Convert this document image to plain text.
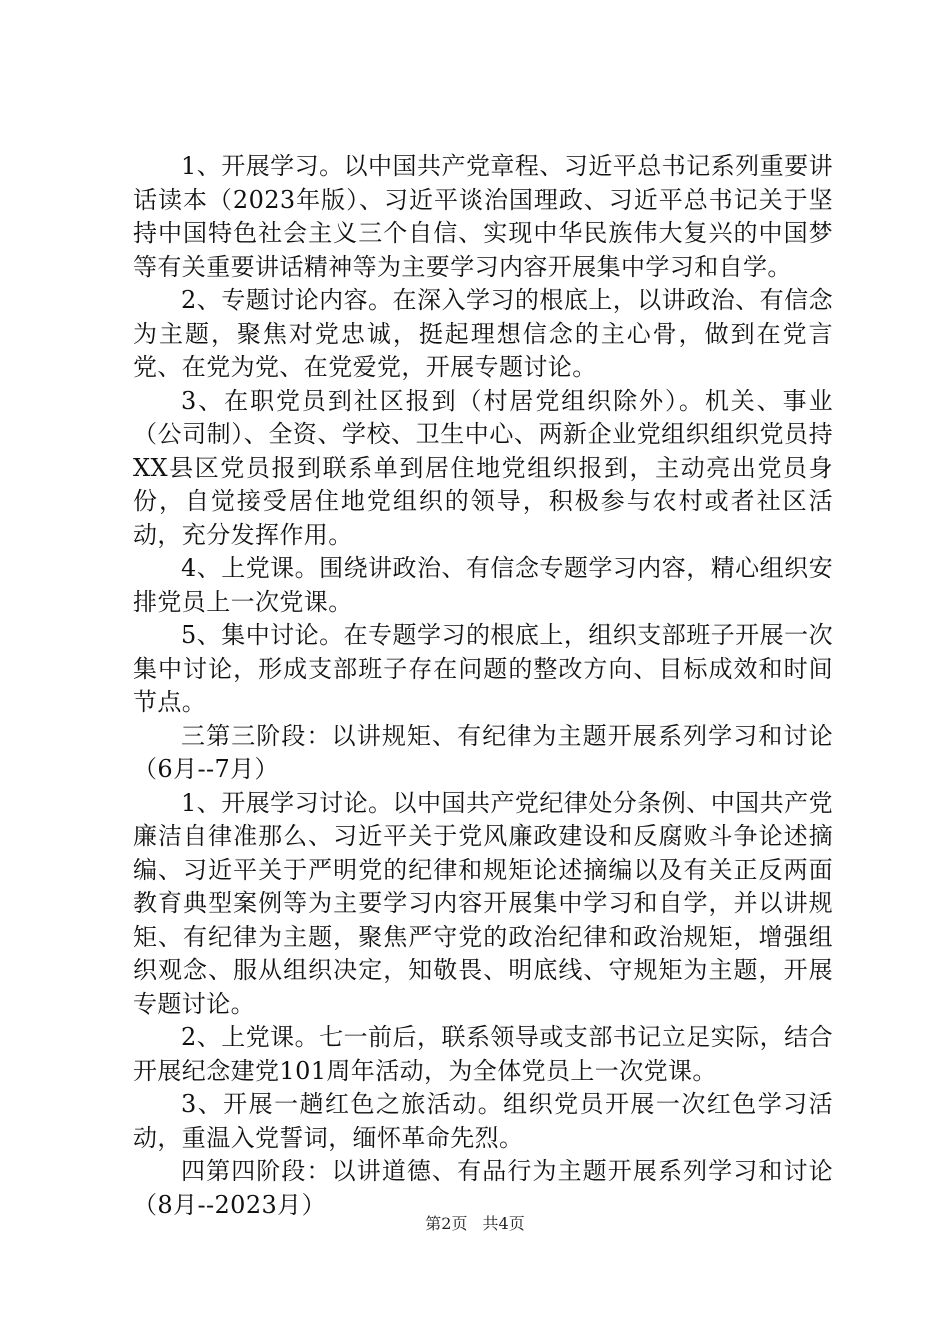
1、开展学习。以中国共产党章程、习近平总书记系列重要讲话读本（2023年版）、习近平谈治国理政、习近平总书记关于坚持中国特色社会主义三个自信、实现中华民族伟大复兴的中国梦等有关重要讲话精神等为主要学习内容开展集中学习和自学。

2、专题讨论内容。在深入学习的根底上，以讲政治、有信念为主题，聚焦对党忠诚，挺起理想信念的主心骨，做到在党言党、在党为党、在党爱党，开展专题讨论。

3、在职党员到社区报到（村居党组织除外）。机关、事业（公司制）、全资、学校、卫生中心、两新企业党组织组织党员持XX县区党员报到联系单到居住地党组织报到，主动亮出党员身份，自觉接受居住地党组织的领导，积极参与农村或者社区活动，充分发挥作用。

4、上党课。围绕讲政治、有信念专题学习内容，精心组织安排党员上一次党课。

5、集中讨论。在专题学习的根底上，组织支部班子开展一次集中讨论，形成支部班子存在问题的整改方向、目标成效和时间节点。

三第三阶段：以讲规矩、有纪律为主题开展系列学习和讨论（6月--7月）

1、开展学习讨论。以中国共产党纪律处分条例、中国共产党廉洁自律准那么、习近平关于党风廉政建设和反腐败斗争论述摘编、习近平关于严明党的纪律和规矩论述摘编以及有关正反两面教育典型案例等为主要学习内容开展集中学习和自学，并以讲规矩、有纪律为主题，聚焦严守党的政治纪律和政治规矩，增强组织观念、服从组织决定，知敬畏、明底线、守规矩为主题，开展专题讨论。

2、上党课。七一前后，联系领导或支部书记立足实际，结合开展纪念建党101周年活动，为全体党员上一次党课。

3、开展一趟红色之旅活动。组织党员开展一次红色学习活动，重温入党誓词，缅怀革命先烈。

四第四阶段：以讲道德、有品行为主题开展系列学习和讨论（8月--2023月）

第2页 共4页
